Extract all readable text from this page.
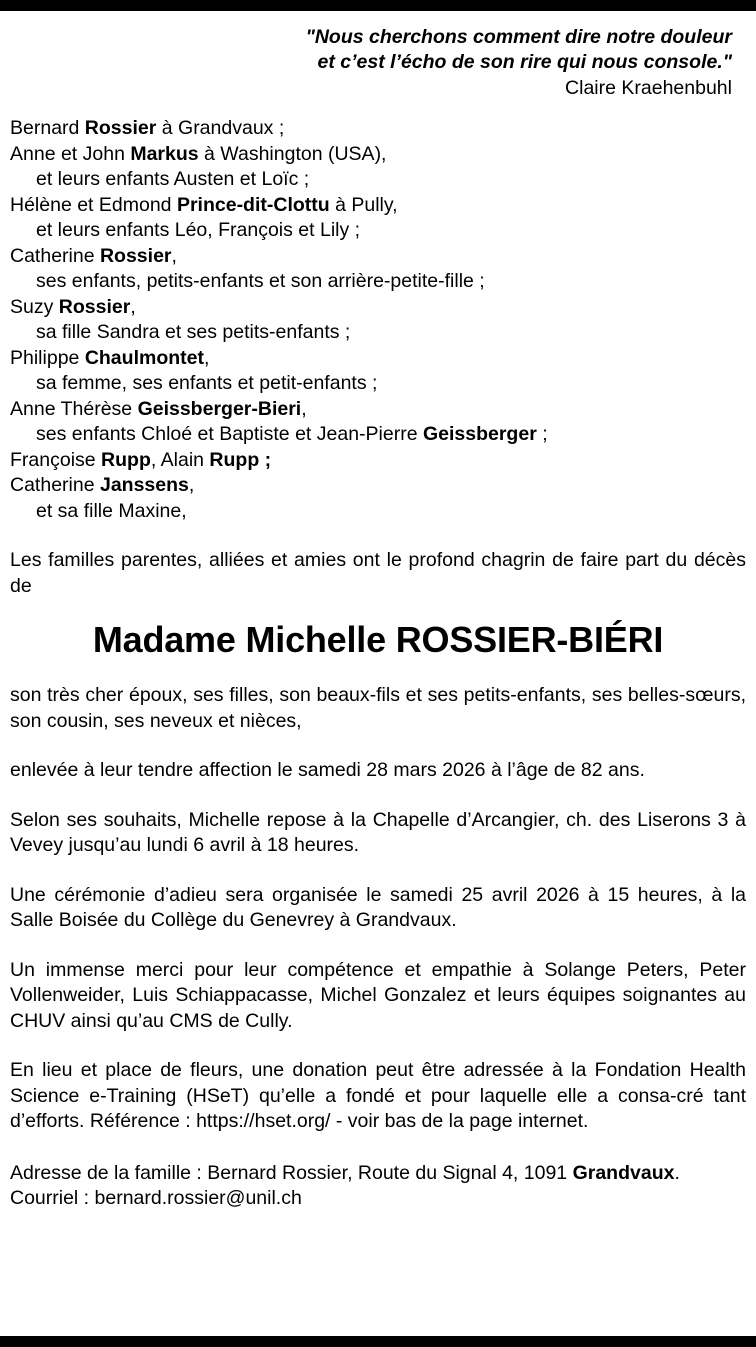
"Nous cherchons comment dire notre douleur
et c’est l’écho de son rire qui nous console."
Claire Kraehenbuhl
Bernard Rossier à Grandvaux ;
Anne et John Markus à Washington (USA),
et leurs enfants Austen et Loïc ;
Hélène et Edmond Prince-dit-Clottu à Pully,
et leurs enfants Léo, François et Lily ;
Catherine Rossier,
ses enfants, petits-enfants et son arrière-petite-fille ;
Suzy Rossier,
sa fille Sandra et ses petits-enfants ;
Philippe Chaulmontet,
sa femme, ses enfants et petit-enfants ;
Anne Thérèse Geissberger-Bieri,
ses enfants Chloé et Baptiste et Jean-Pierre Geissberger ;
Françoise Rupp, Alain Rupp ;
Catherine Janssens,
et sa fille Maxine,
Les familles parentes, alliées et amies ont le profond chagrin de faire part du décès de
Madame Michelle ROSSIER-BIÉRI
son très cher époux, ses filles, son beaux-fils et ses petits-enfants, ses belles-sœurs, son cousin, ses neveux et nièces,
enlevée à leur tendre affection le samedi 28 mars 2026 à l’âge de 82 ans.
Selon ses souhaits, Michelle repose à la Chapelle d’Arcangier, ch. des Liserons 3 à Vevey jusqu’au lundi 6 avril à 18 heures.
Une cérémonie d’adieu sera organisée le samedi 25 avril 2026 à 15 heures, à la Salle Boisée du Collège du Genevrey à Grandvaux.
Un immense merci pour leur compétence et empathie à Solange Peters, Peter Vollenweider, Luis Schiappacasse, Michel Gonzalez et leurs équipes soignantes au CHUV ainsi qu’au CMS de Cully.
En lieu et place de fleurs, une donation peut être adressée à la Fondation Health Science e-Training (HSeT) qu’elle a fondé et pour laquelle elle a consa-cré tant d’efforts. Référence : https://hset.org/ - voir bas de la page internet.
Adresse de la famille : Bernard Rossier, Route du Signal 4, 1091 Grandvaux.
Courriel : bernard.rossier@unil.ch
